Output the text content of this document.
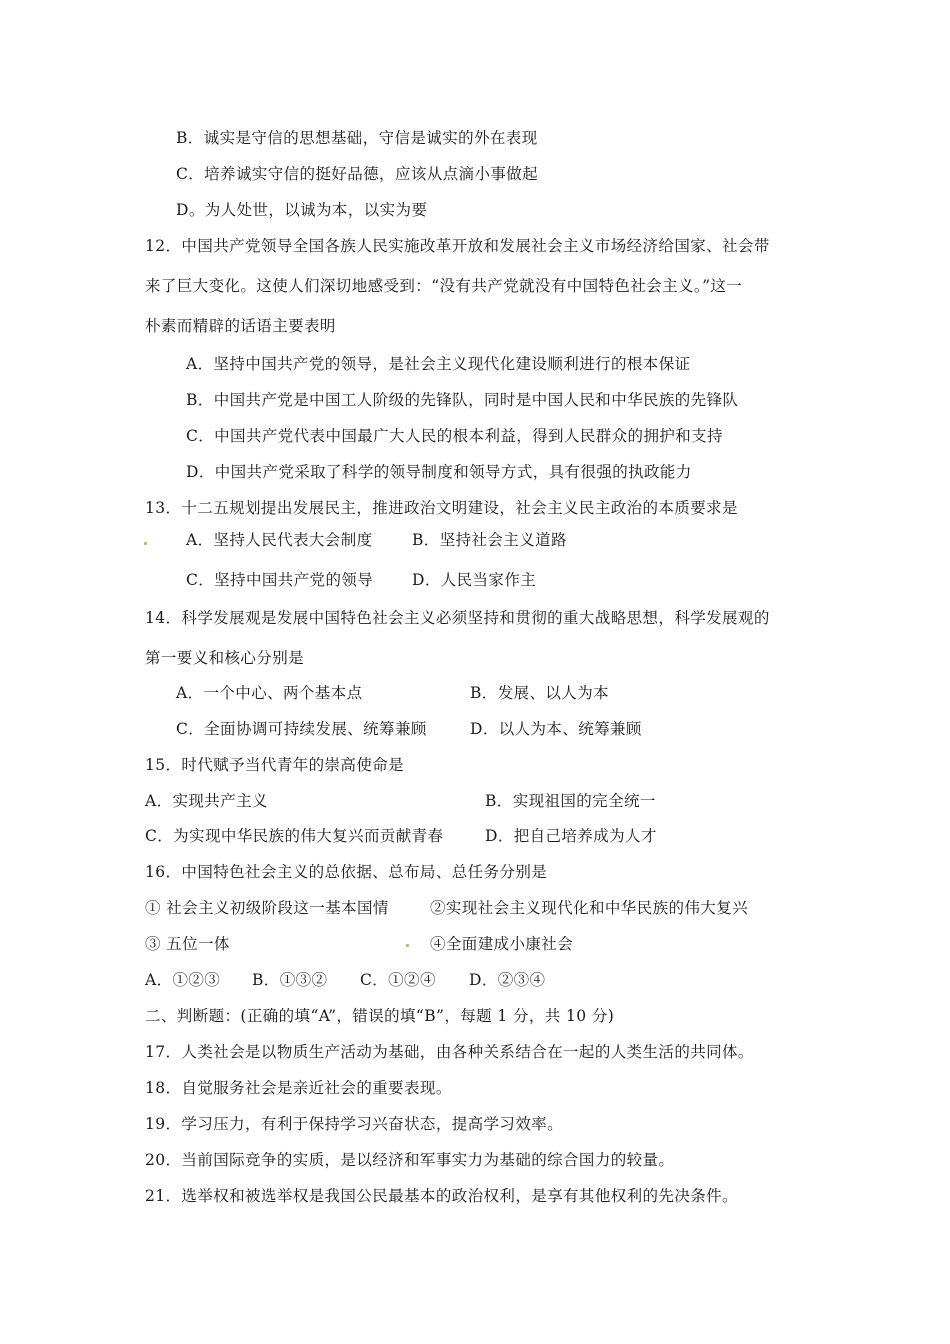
B．诚实是守信的思想基础，守信是诚实的外在表现
C．培养诚实守信的挺好品德，应该从点滴小事做起
D。为人处世，以诚为本，以实为要
12．中国共产党领导全国各族人民实施改革开放和发展社会主义市场经济给国家、社会带
来了巨大变化。这使人们深切地感受到：“没有共产党就没有中国特色社会主义。”这一
朴素而精辟的话语主要表明
A．坚持中国共产党的领导，是社会主义现代化建设顺利进行的根本保证
B．中国共产党是中国工人阶级的先锋队，同时是中国人民和中华民族的先锋队
C．中国共产党代表中国最广大人民的根本利益，得到人民群众的拥护和支持
D．中国共产党采取了科学的领导制度和领导方式，具有很强的执政能力
13．十二五规划提出发展民主，推进政治文明建设，社会主义民主政治的本质要求是
A．坚持人民代表大会制度	B．坚持社会主义道路
C．坚持中国共产党的领导	D．人民当家作主
14．科学发展观是发展中国特色社会主义必须坚持和贯彻的重大战略思想，科学发展观的
第一要义和核心分别是
A．一个中心、两个基本点	B．发展、以人为本
C．全面协调可持续发展、统筹兼顾	D．以人为本、统筹兼顾
15．时代赋予当代青年的崇高使命是
A．实现共产主义	B．实现祖国的完全统一
C．为实现中华民族的伟大复兴而贡献青春	D．把自己培养成为人才
16．中国特色社会主义的总依据、总布局、总任务分别是
① 社会主义初级阶段这一基本国情	②实现社会主义现代化和中华民族的伟大复兴
③ 五位一体	④全面建成小康社会
A．①②③ B．①③② C．①②④ D．②③④
二、判断题：(正确的填“A”，错误的填“B”，每题 1 分，共 10 分)
17．人类社会是以物质生产活动为基础，由各种关系结合在一起的人类生活的共同体。
18．自觉服务社会是亲近社会的重要表现。
19．学习压力，有利于保持学习兴奋状态，提高学习效率。
20．当前国际竞争的实质，是以经济和军事实力为基础的综合国力的较量。
21．选举权和被选举权是我国公民最基本的政治权利，是享有其他权利的先决条件。
